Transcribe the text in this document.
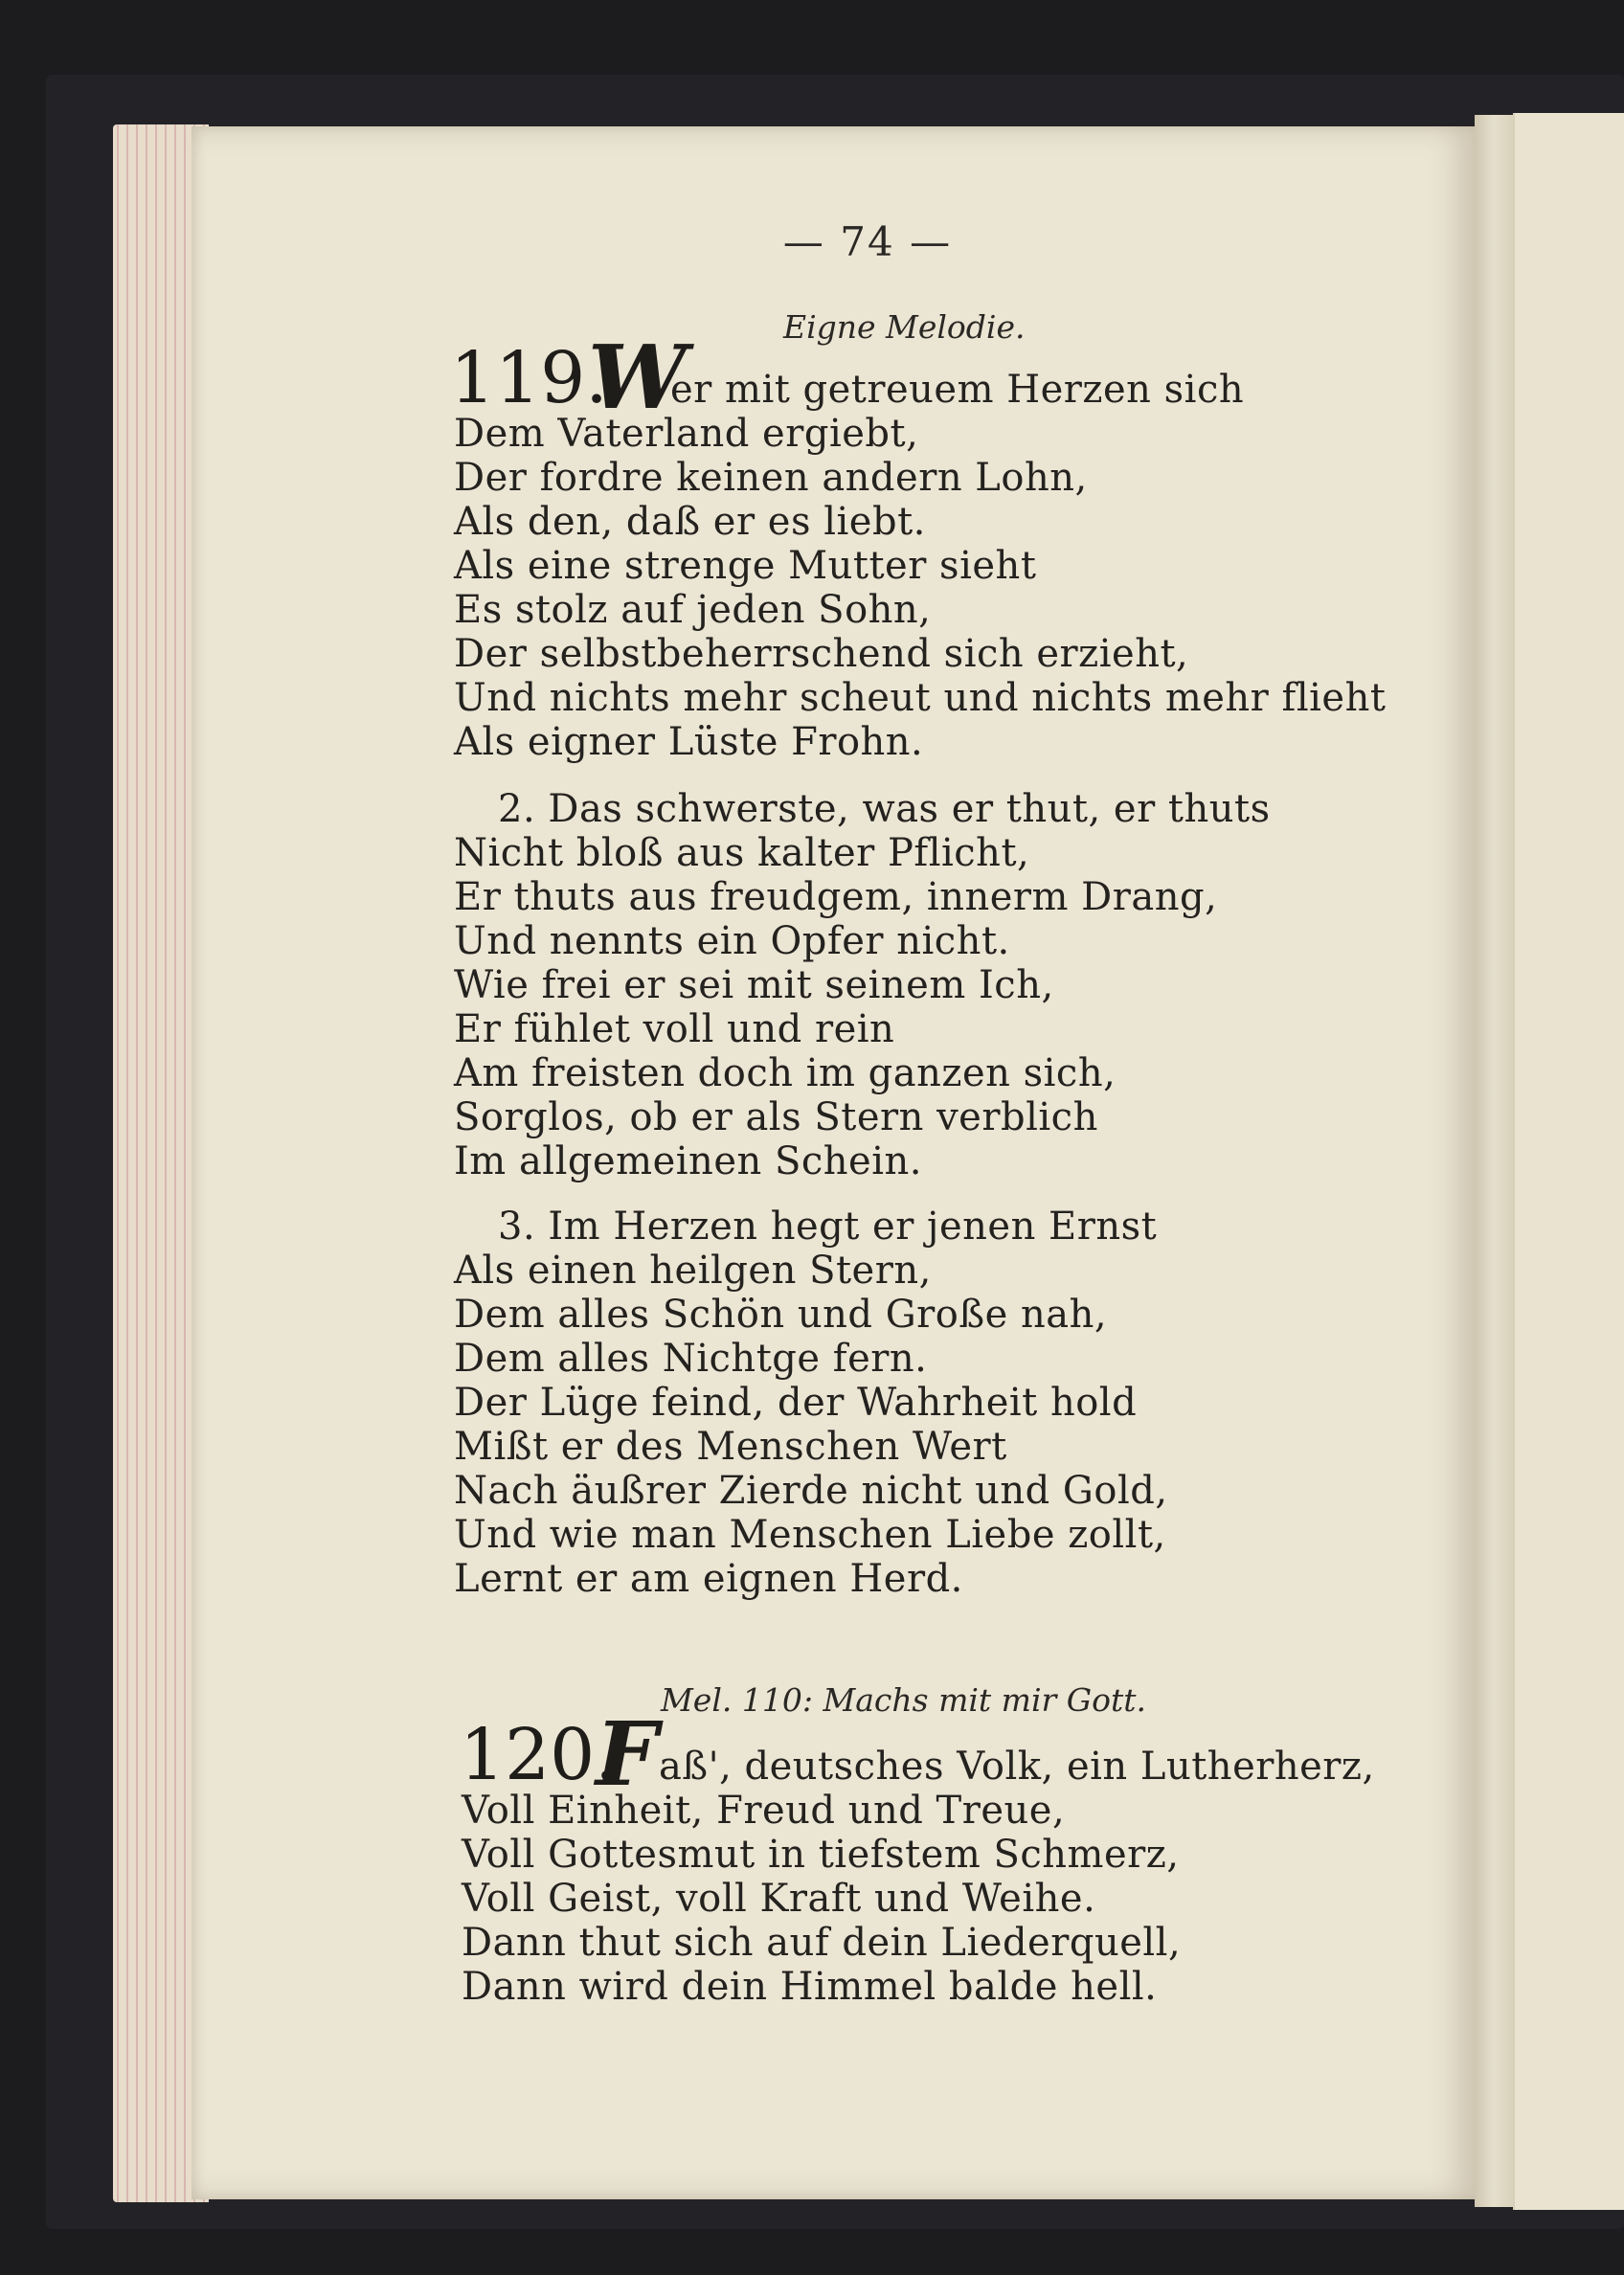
— 74 —
Eigne Melodie.
119.
W
er mit getreuem Herzen sich
Dem Vaterland ergiebt,
Der fordre keinen andern Lohn,
Als den, daß er es liebt.
Als eine strenge Mutter sieht
Es stolz auf jeden Sohn,
Der selbstbeherrschend sich erzieht,
Und nichts mehr scheut und nichts mehr flieht
Als eigner Lüste Frohn.
2. Das schwerste, was er thut, er thuts
Nicht bloß aus kalter Pflicht,
Er thuts aus freudgem, innerm Drang,
Und nennts ein Opfer nicht.
Wie frei er sei mit seinem Ich,
Er fühlet voll und rein
Am freisten doch im ganzen sich,
Sorglos, ob er als Stern verblich
Im allgemeinen Schein.
3. Im Herzen hegt er jenen Ernst
Als einen heilgen Stern,
Dem alles Schön und Große nah,
Dem alles Nichtge fern.
Der Lüge feind, der Wahrheit hold
Mißt er des Menschen Wert
Nach äußrer Zierde nicht und Gold,
Und wie man Menschen Liebe zollt,
Lernt er am eignen Herd.
Mel. 110: Machs mit mir Gott.
120.
F aß', deutsches Volk, ein Lutherherz,
Voll Einheit, Freud und Treue,
Voll Gottesmut in tiefstem Schmerz,
Voll Geist, voll Kraft und Weihe.
Dann thut sich auf dein Liederquell,
Dann wird dein Himmel balde hell.
